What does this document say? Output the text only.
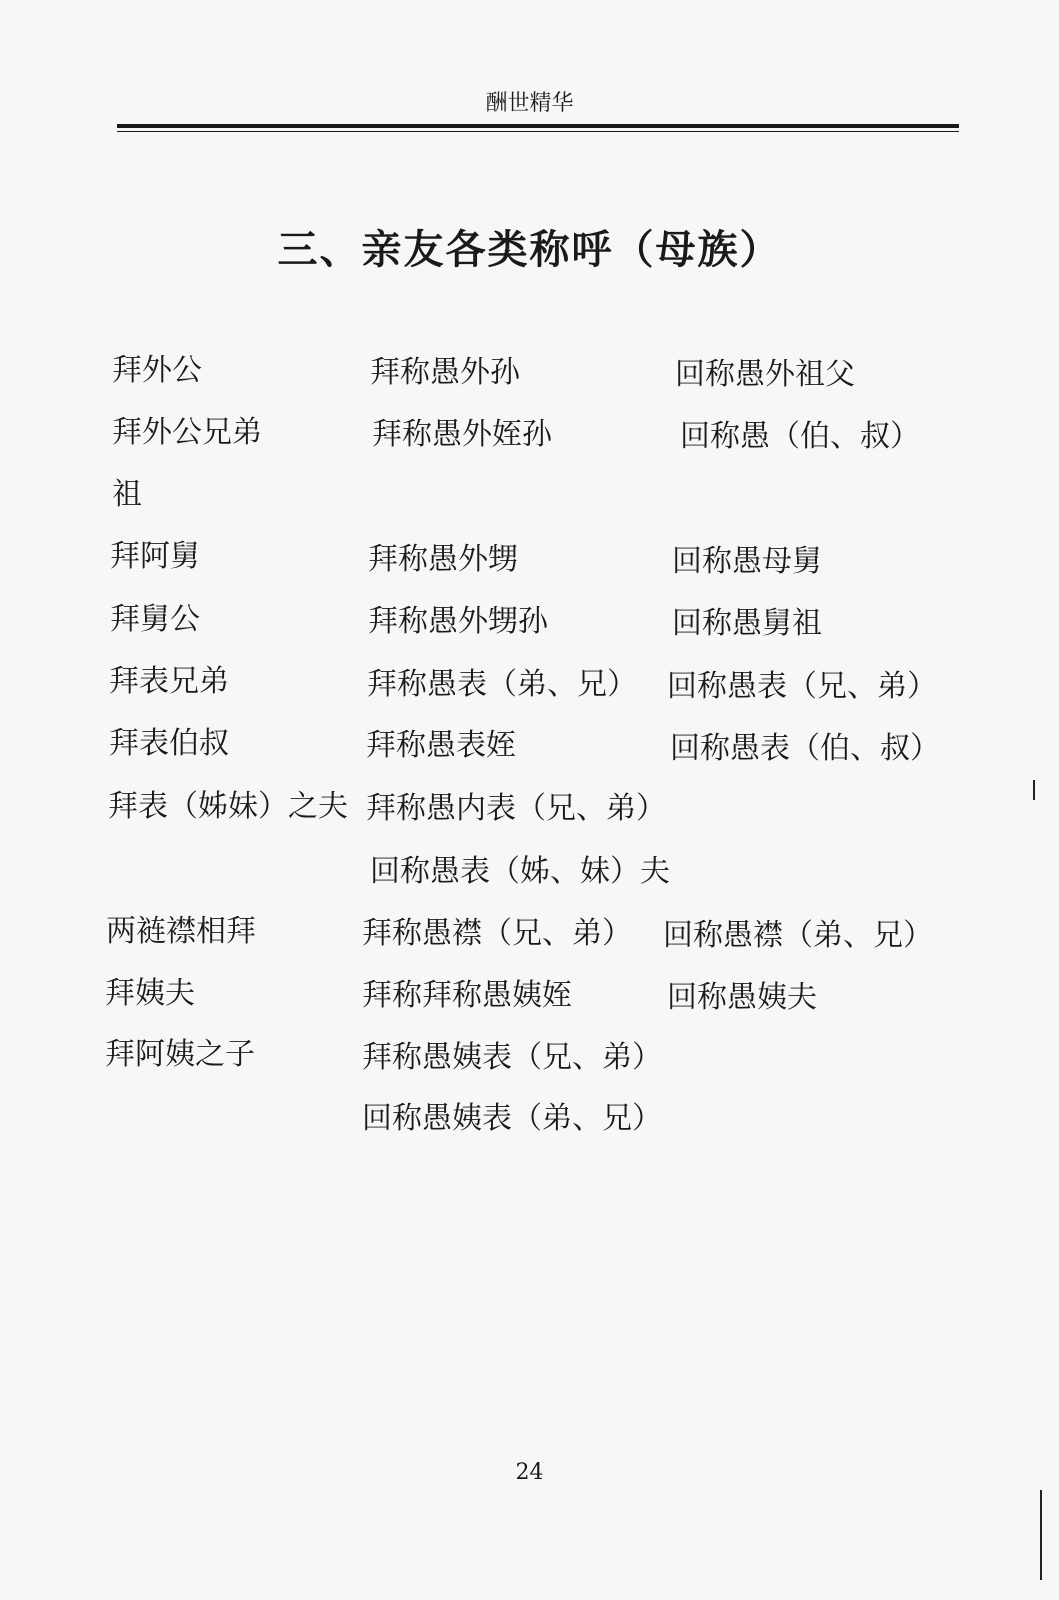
酬世精华
三、亲友各类称呼（母族）
拜外公	拜称愚外孙	回称愚外祖父
拜外公兄弟	拜称愚外姪孙	回称愚（伯、叔）
祖
拜阿舅	拜称愚外甥	回称愚母舅
拜舅公	拜称愚外甥孙	回称愚舅祖
拜表兄弟	拜称愚表（弟、兄） 回称愚表（兄、弟）
拜表伯叔	拜称愚表姪	回称愚表（伯、叔）
拜表（姊妹）之夫 拜称愚内表（兄、弟）
回称愚表（姊、妹）夫
两裢襟相拜	拜称愚襟（兄、弟） 回称愚襟（弟、兄）
拜姨夫	拜称拜称愚姨姪	回称愚姨夫
拜阿姨之子	拜称愚姨表（兄、弟）
回称愚姨表（弟、兄）
24
